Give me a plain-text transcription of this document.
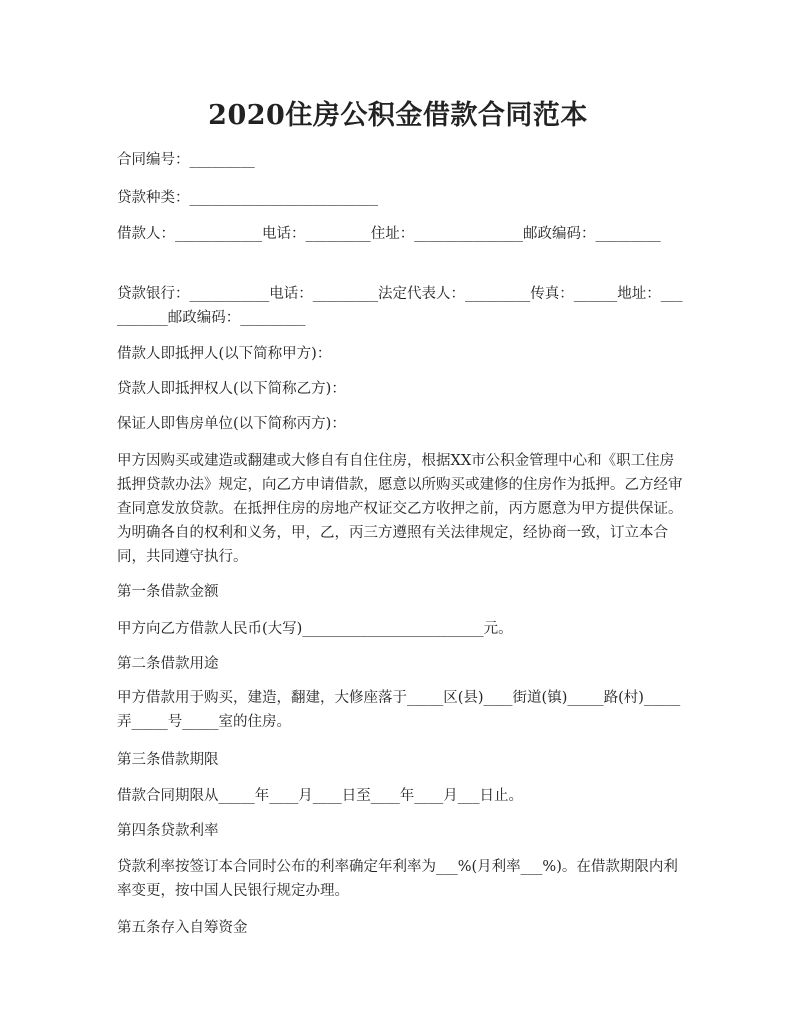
2020住房公积金借款合同范本

合同编号：_________

贷款种类：__________________________

借款人：____________电话：_________住址：_______________邮政编码：_________

贷款银行：___________电话：_________法定代表人：_________传真：______地址：__________邮政编码：_________

借款人即抵押人(以下简称甲方)：

贷款人即抵押权人(以下简称乙方)：

保证人即售房单位(以下简称丙方)：

甲方因购买或建造或翻建或大修自有自住住房，根据XX市公积金管理中心和《职工住房抵押贷款办法》规定，向乙方申请借款，愿意以所购买或建修的住房作为抵押。乙方经审查同意发放贷款。在抵押住房的房地产权证交乙方收押之前，丙方愿意为甲方提供保证。为明确各自的权利和义务，甲，乙，丙三方遵照有关法律规定，经协商一致，订立本合同，共同遵守执行。

第一条借款金额

甲方向乙方借款人民币(大写)_________________________元。

第二条借款用途

甲方借款用于购买，建造，翻建，大修座落于_____区(县)____街道(镇)_____路(村)_____弄_____号_____室的住房。

第三条借款期限

借款合同期限从_____年____月____日至____年____月___日止。

第四条贷款利率

贷款利率按签订本合同时公布的利率确定年利率为___%(月利率___%)。在借款期限内利率变更，按中国人民银行规定办理。

第五条存入自筹资金
